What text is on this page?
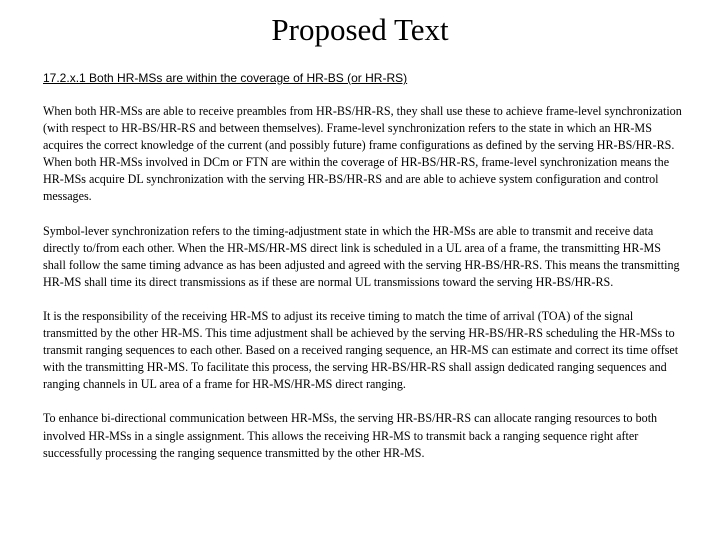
Proposed Text
17.2.x.1 Both HR-MSs are within the coverage of HR-BS (or HR-RS)

When both HR-MSs are able to receive preambles from HR-BS/HR-RS, they shall use these to achieve frame-level synchronization (with respect to HR-BS/HR-RS and between themselves). Frame-level synchronization refers to the state in which an HR-MS acquires the correct knowledge of the current (and possibly future) frame configurations as defined by the serving HR-BS/HR-RS. When both HR-MSs involved in DCm or FTN are within the coverage of HR-BS/HR-RS, frame-level synchronization means the HR-MSs acquire DL synchronization with the serving HR-BS/HR-RS and are able to achieve system configuration and control messages.

Symbol-lever synchronization refers to the timing-adjustment state in which the HR-MSs are able to transmit and receive data directly to/from each other. When the HR-MS/HR-MS direct link is scheduled in a UL area of a frame, the transmitting HR-MS shall follow the same timing advance as has been adjusted and agreed with the serving HR-BS/HR-RS. This means the transmitting HR-MS shall time its direct transmissions as if these are normal UL transmissions toward the serving HR-BS/HR-RS.

It is the responsibility of the receiving HR-MS to adjust its receive timing to match the time of arrival (TOA) of the signal transmitted by the other HR-MS. This time adjustment shall be achieved by the serving HR-BS/HR-RS scheduling the HR-MSs to transmit ranging sequences to each other. Based on a received ranging sequence, an HR-MS can estimate and correct its time offset with the transmitting HR-MS. To facilitate this process, the serving HR-BS/HR-RS shall assign dedicated ranging sequences and ranging channels in UL area of a frame for HR-MS/HR-MS direct ranging.

To enhance bi-directional communication between HR-MSs, the serving HR-BS/HR-RS can allocate ranging resources to both involved HR-MSs in a single assignment. This allows the receiving HR-MS to transmit back a ranging sequence right after successfully processing the ranging sequence transmitted by the other HR-MS.
